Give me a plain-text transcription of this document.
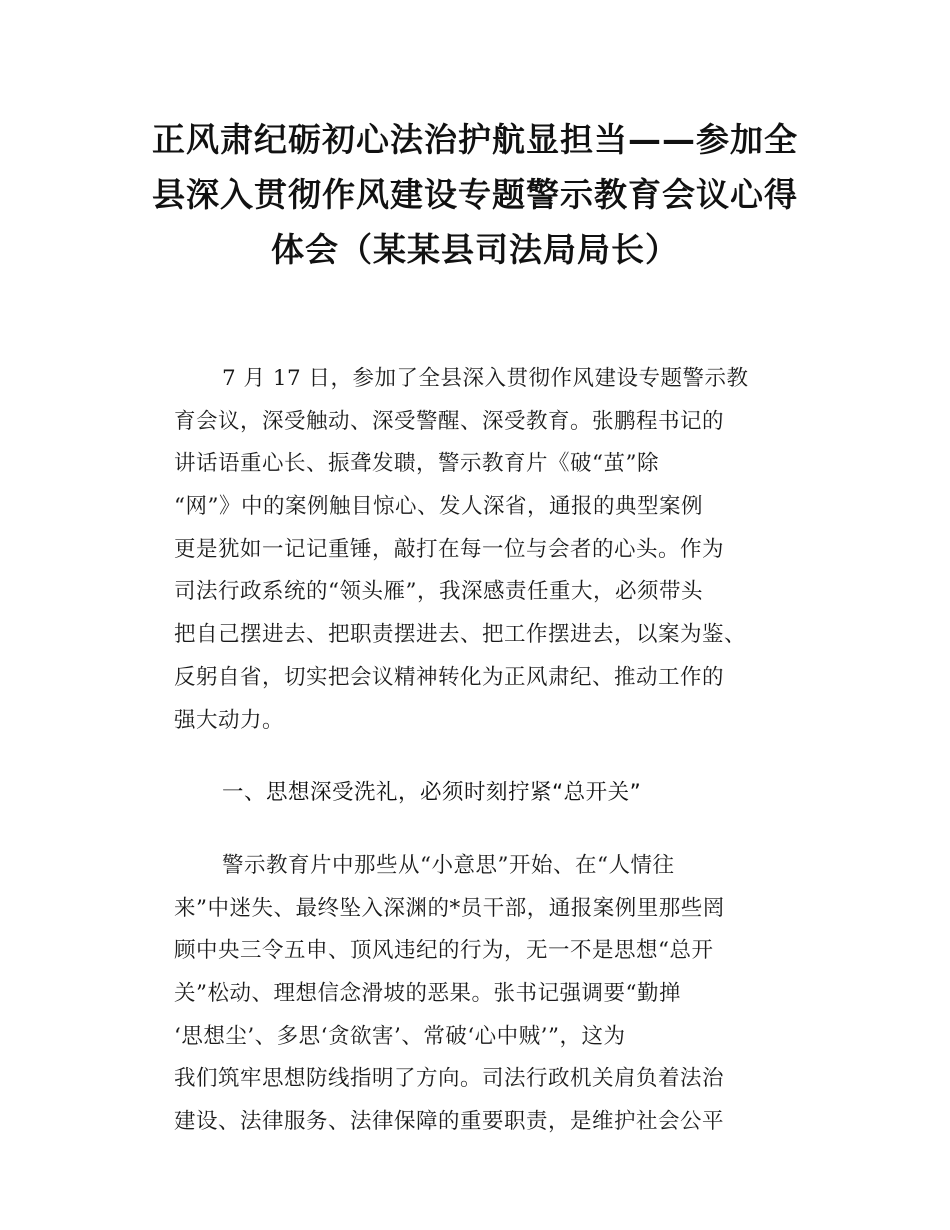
正风肃纪砺初心法治护航显担当——参加全
县深入贯彻作风建设专题警示教育会议心得
体会（某某县司法局局长）
7 月 17 日，参加了全县深入贯彻作风建设专题警示教
育会议，深受触动、深受警醒、深受教育。张鹏程书记的
讲话语重心长、振聋发聩，警示教育片《破“茧”除
“网”》中的案例触目惊心、发人深省，通报的典型案例
更是犹如一记记重锤，敲打在每一位与会者的心头。作为
司法行政系统的“领头雁”，我深感责任重大，必须带头
把自己摆进去、把职责摆进去、把工作摆进去，以案为鉴、
反躬自省，切实把会议精神转化为正风肃纪、推动工作的
强大动力。
一、思想深受洗礼，必须时刻拧紧“总开关”
警示教育片中那些从“小意思”开始、在“人情往
来”中迷失、最终坠入深渊的*员干部，通报案例里那些罔
顾中央三令五申、顶风违纪的行为，无一不是思想“总开
关”松动、理想信念滑坡的恶果。张书记强调要“勤掸
‘思想尘’、多思‘贪欲害’、常破‘心中贼’”，这为
我们筑牢思想防线指明了方向。司法行政机关肩负着法治
建设、法律服务、法律保障的重要职责，是维护社会公平
